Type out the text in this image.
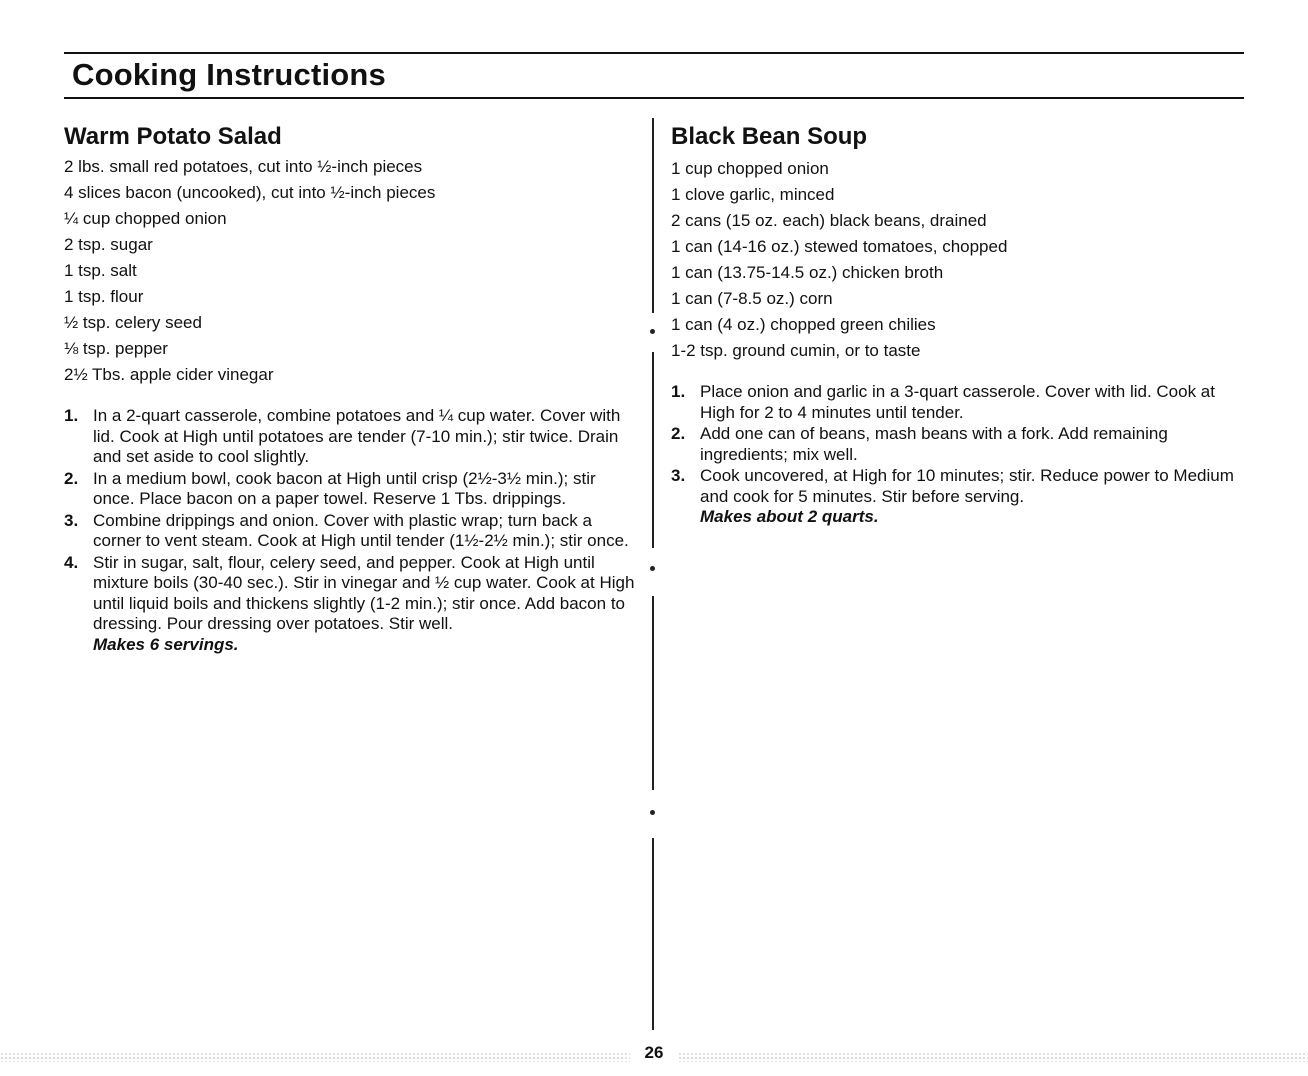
Cooking Instructions
Warm Potato Salad
2 lbs. small red potatoes, cut into ½-inch pieces
4 slices bacon (uncooked), cut into ½-inch pieces
¼ cup chopped onion
2 tsp. sugar
1 tsp. salt
1 tsp. flour
½ tsp. celery seed
⅛ tsp. pepper
2½ Tbs. apple cider vinegar
1. In a 2-quart casserole, combine potatoes and ¼ cup water. Cover with lid. Cook at High until potatoes are tender (7-10 min.); stir twice. Drain and set aside to cool slightly.
2. In a medium bowl, cook bacon at High until crisp (2½-3½ min.); stir once. Place bacon on a paper towel. Reserve 1 Tbs. drippings.
3. Combine drippings and onion. Cover with plastic wrap; turn back a corner to vent steam. Cook at High until tender (1½-2½ min.); stir once.
4. Stir in sugar, salt, flour, celery seed, and pepper. Cook at High until mixture boils (30-40 sec.). Stir in vinegar and ½ cup water. Cook at High until liquid boils and thickens slightly (1-2 min.); stir once. Add bacon to dressing. Pour dressing over potatoes. Stir well.
Makes 6 servings.
Black Bean Soup
1 cup chopped onion
1 clove garlic, minced
2 cans (15 oz. each) black beans, drained
1 can (14-16 oz.) stewed tomatoes, chopped
1 can (13.75-14.5 oz.) chicken broth
1 can (7-8.5 oz.) corn
1 can (4 oz.) chopped green chilies
1-2 tsp. ground cumin, or to taste
1. Place onion and garlic in a 3-quart casserole. Cover with lid. Cook at High for 2 to 4 minutes until tender.
2. Add one can of beans, mash beans with a fork. Add remaining ingredients; mix well.
3. Cook uncovered, at High for 10 minutes; stir. Reduce power to Medium and cook for 5 minutes. Stir before serving.
Makes about 2 quarts.
26
